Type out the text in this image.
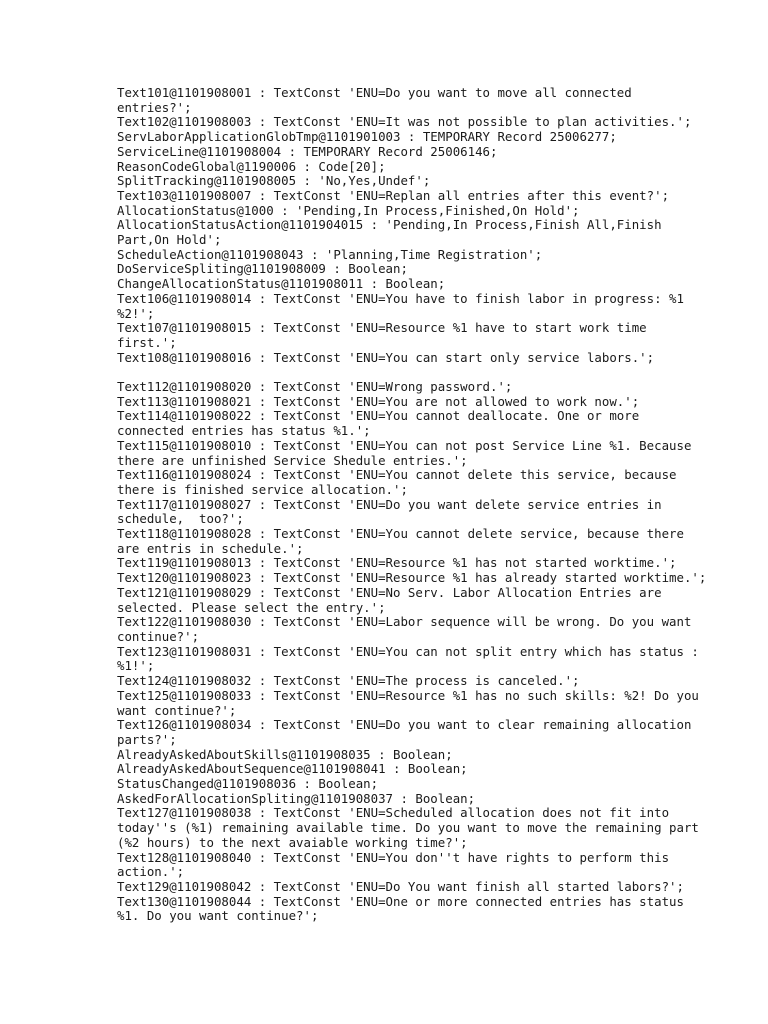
Text101@1101908001 : TextConst 'ENU=Do you want to move all connected entries?';
Text102@1101908003 : TextConst 'ENU=It was not possible to plan activities.';
ServLaborApplicationGlobTmp@1101901003 : TEMPORARY Record 25006277;
ServiceLine@1101908004 : TEMPORARY Record 25006146;
ReasonCodeGlobal@1190006 : Code[20];
SplitTracking@1101908005 : 'No,Yes,Undef';
Text103@1101908007 : TextConst 'ENU=Replan all entries after this event?';
AllocationStatus@1000 : 'Pending,In Process,Finished,On Hold';
AllocationStatusAction@1101904015 : 'Pending,In Process,Finish All,Finish Part,On Hold';
ScheduleAction@1101908043 : 'Planning,Time Registration';
DoServiceSpliting@1101908009 : Boolean;
ChangeAllocationStatus@1101908011 : Boolean;
Text106@1101908014 : TextConst 'ENU=You have to finish labor in progress: %1 %2!';
Text107@1101908015 : TextConst 'ENU=Resource %1 have to start work time first.';
Text108@1101908016 : TextConst 'ENU=You can start only service labors.';
Text112@1101908020 : TextConst 'ENU=Wrong password.';
Text113@1101908021 : TextConst 'ENU=You are not allowed to work now.';
Text114@1101908022 : TextConst 'ENU=You cannot deallocate. One or more connected entries has status %1.';
Text115@1101908010 : TextConst 'ENU=You can not post Service Line %1. Because there are unfinished Service Shedule entries.';
Text116@1101908024 : TextConst 'ENU=You cannot delete this service, because there is finished service allocation.';
Text117@1101908027 : TextConst 'ENU=Do you want delete service entries in schedule,  too?';
Text118@1101908028 : TextConst 'ENU=You cannot delete service, because there are entris in schedule.';
Text119@1101908013 : TextConst 'ENU=Resource %1 has not started worktime.';
Text120@1101908023 : TextConst 'ENU=Resource %1 has already started worktime.';
Text121@1101908029 : TextConst 'ENU=No Serv. Labor Allocation Entries are selected. Please select the entry.';
Text122@1101908030 : TextConst 'ENU=Labor sequence will be wrong. Do you want continue?';
Text123@1101908031 : TextConst 'ENU=You can not split entry which has status : %1!';
Text124@1101908032 : TextConst 'ENU=The process is canceled.';
Text125@1101908033 : TextConst 'ENU=Resource %1 has no such skills: %2! Do you want continue?';
Text126@1101908034 : TextConst 'ENU=Do you want to clear remaining allocation parts?';
AlreadyAskedAboutSkills@1101908035 : Boolean;
AlreadyAskedAboutSequence@1101908041 : Boolean;
StatusChanged@1101908036 : Boolean;
AskedForAllocationSpliting@1101908037 : Boolean;
Text127@1101908038 : TextConst 'ENU=Scheduled allocation does not fit into today''s (%1) remaining available time. Do you want to move the remaining part (%2 hours) to the next avaiable working time?';
Text128@1101908040 : TextConst 'ENU=You don''t have rights to perform this action.';
Text129@1101908042 : TextConst 'ENU=Do You want finish all started labors?';
Text130@1101908044 : TextConst 'ENU=One or more connected entries has status %1. Do you want continue?';
